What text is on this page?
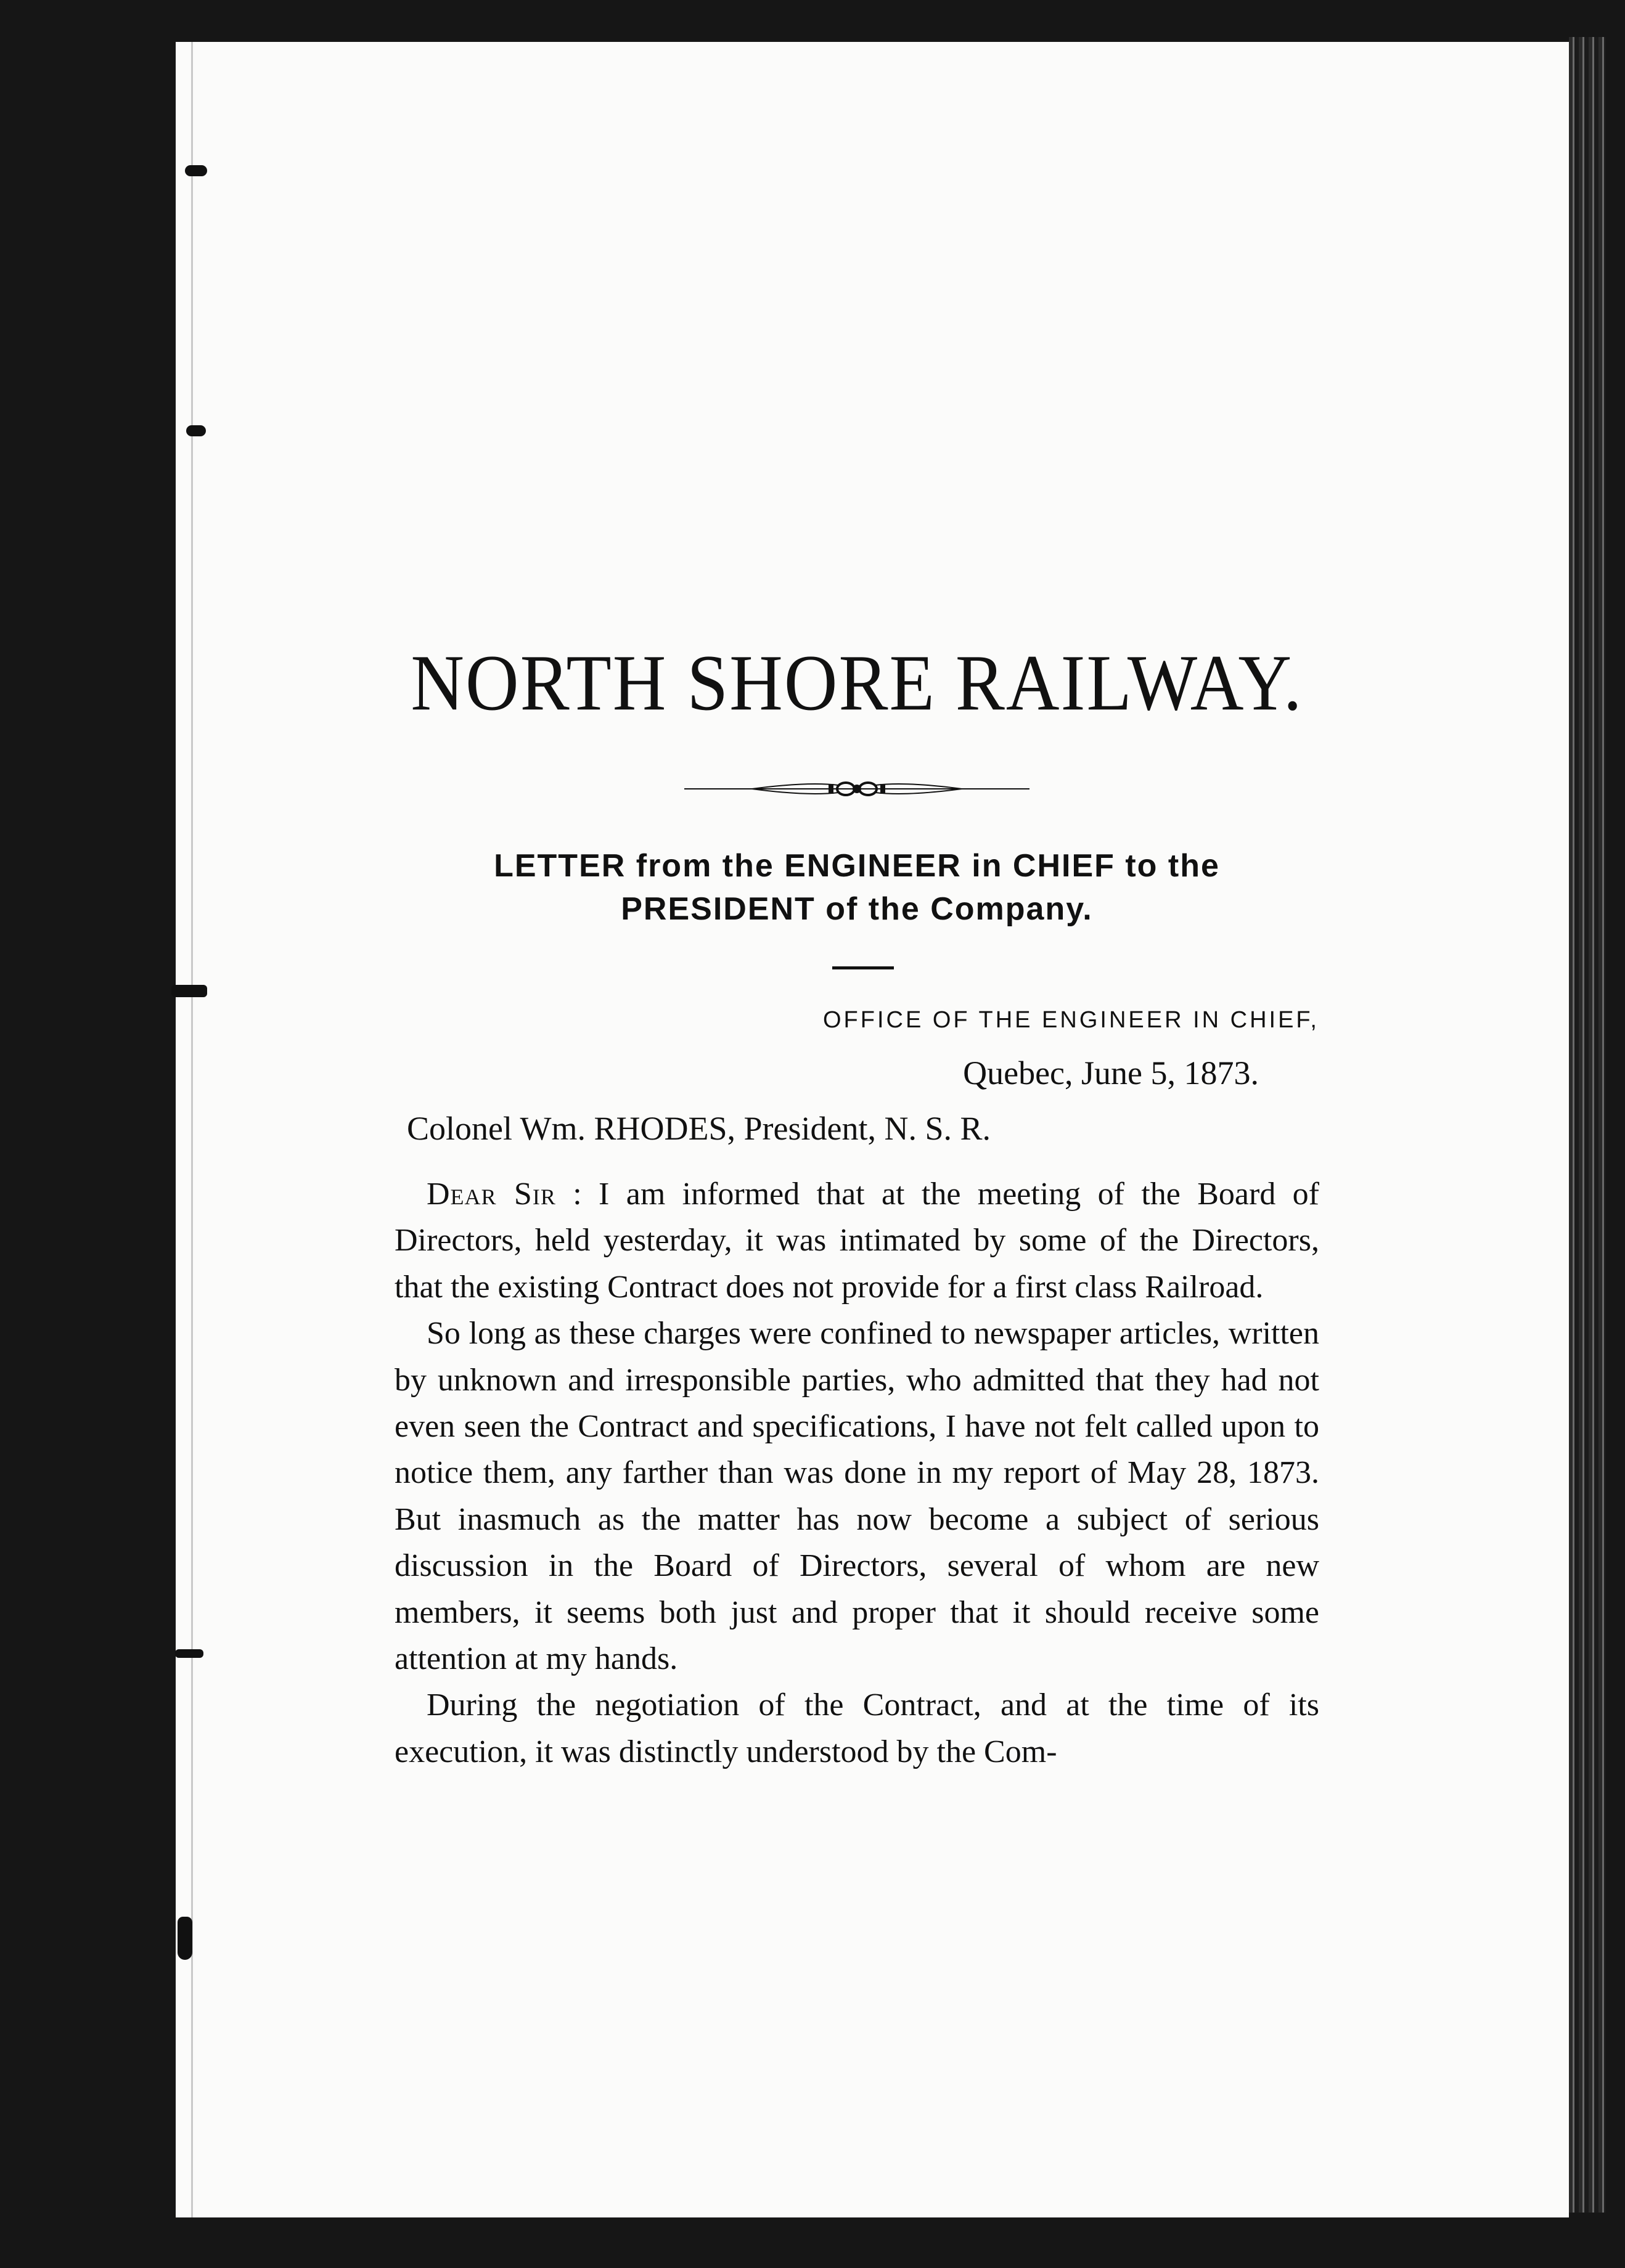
NORTH SHORE RAILWAY.
LETTER from the ENGINEER in CHIEF to the
PRESIDENT of the Company.
OFFICE OF THE ENGINEER IN CHIEF,
Quebec, June 5, 1873.
Colonel Wm. RHODES, President, N. S. R.

Dear Sir : I am informed that at the meeting of the Board of Directors, held yesterday, it was intimated by some of the Directors, that the existing Contract does not provide for a first class Railroad.

So long as these charges were confined to newspaper articles, written by unknown and irresponsible parties, who admitted that they had not even seen the Contract and specifications, I have not felt called upon to notice them, any farther than was done in my report of May 28, 1873. But inasmuch as the matter has now become a subject of serious discussion in the Board of Directors, several of whom are new members, it seems both just and proper that it should receive some attention at my hands.

During the negotiation of the Contract, and at the time of its execution, it was distinctly understood by the Com-
